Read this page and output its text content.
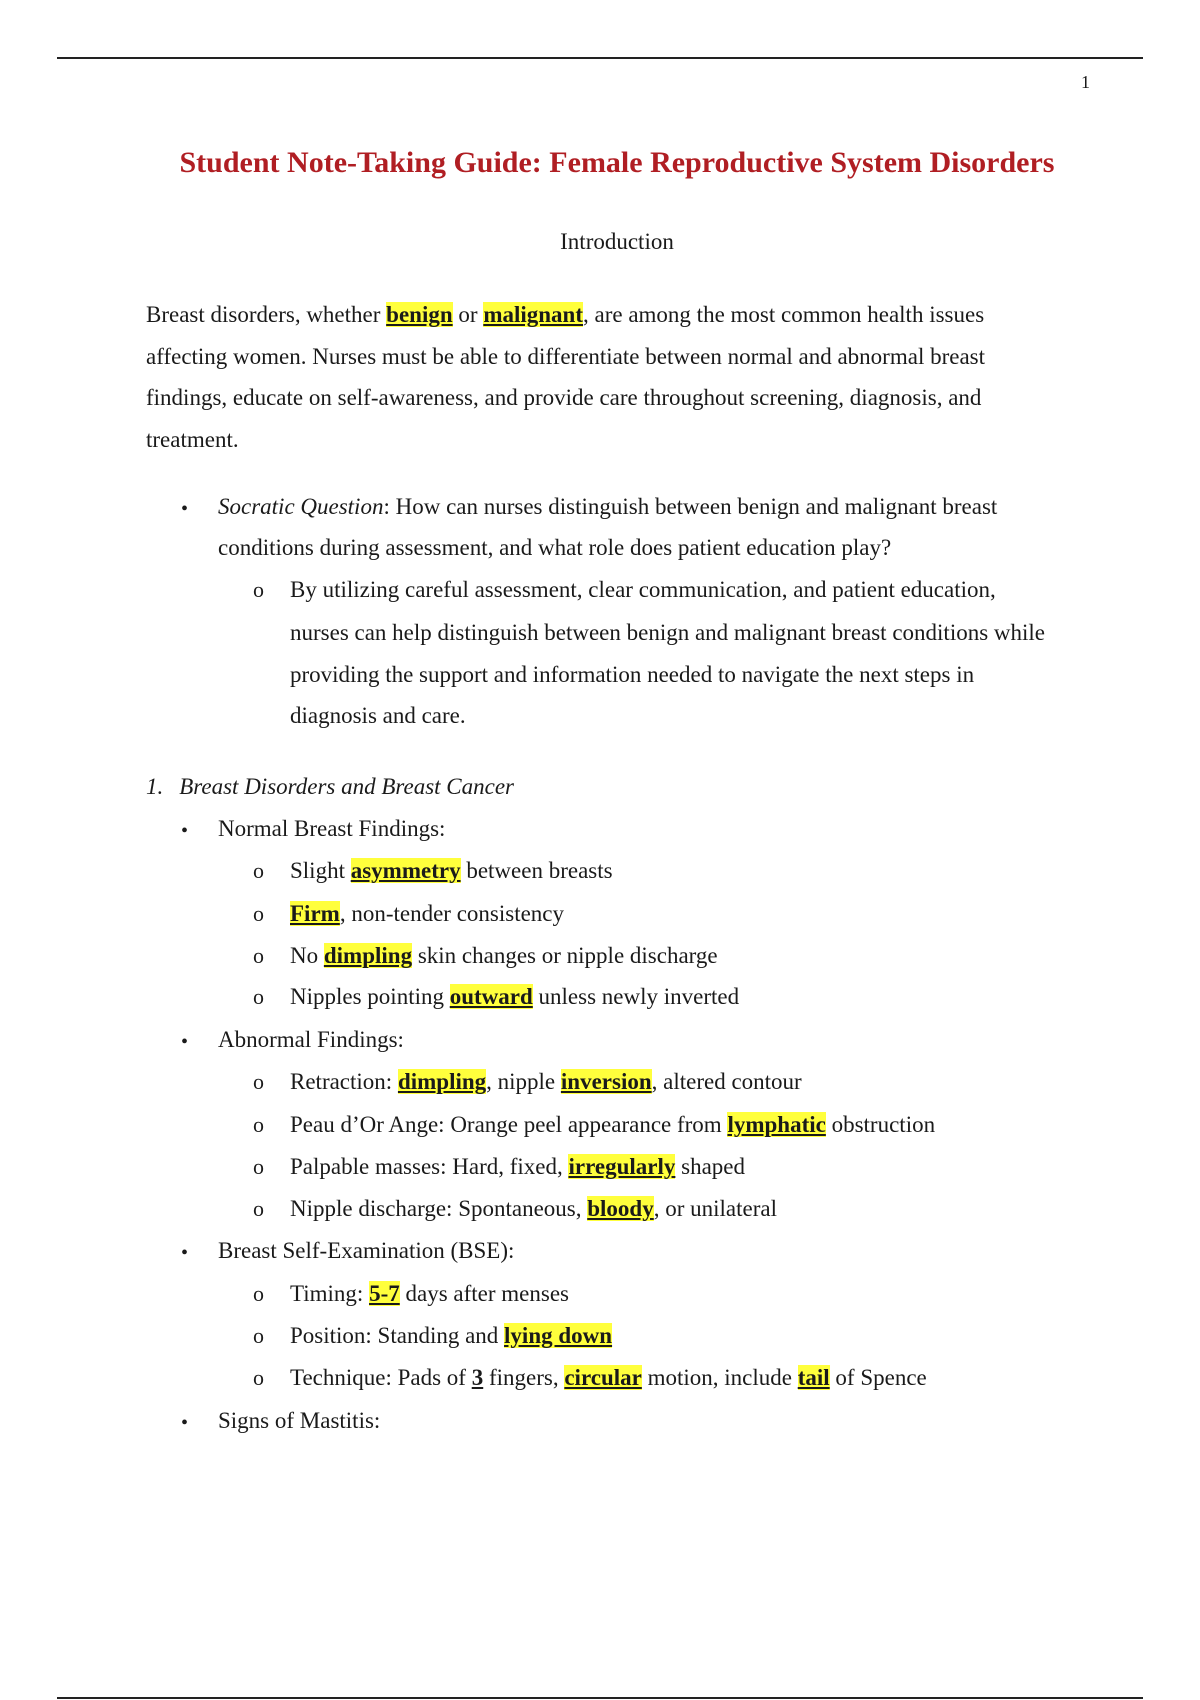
1
Student Note-Taking Guide: Female Reproductive System Disorders
Introduction

Breast disorders, whether benign or malignant, are among the most common health issues affecting women. Nurses must be able to differentiate between normal and abnormal breast findings, educate on self-awareness, and provide care throughout screening, diagnosis, and treatment.

• Socratic Question: How can nurses distinguish between benign and malignant breast
conditions during assessment, and what role does patient education play?
o By utilizing careful assessment, clear communication, and patient education,
nurses can help distinguish between benign and malignant breast conditions while
providing the support and information needed to navigate the next steps in
diagnosis and care.
1. Breast Disorders and Breast Cancer
• Normal Breast Findings:
o Slight asymmetry between breasts
o Firm, non-tender consistency
o No dimpling skin changes or nipple discharge
o Nipples pointing outward unless newly inverted
• Abnormal Findings:
o Retraction: dimpling, nipple inversion, altered contour
o Peau d’Or Ange: Orange peel appearance from lymphatic obstruction
o Palpable masses: Hard, fixed, irregularly shaped
o Nipple discharge: Spontaneous, bloody, or unilateral
• Breast Self-Examination (BSE):
o Timing: 5-7 days after menses
o Position: Standing and lying down
o Technique: Pads of 3 fingers, circular motion, include tail of Spence
• Signs of Mastitis:
